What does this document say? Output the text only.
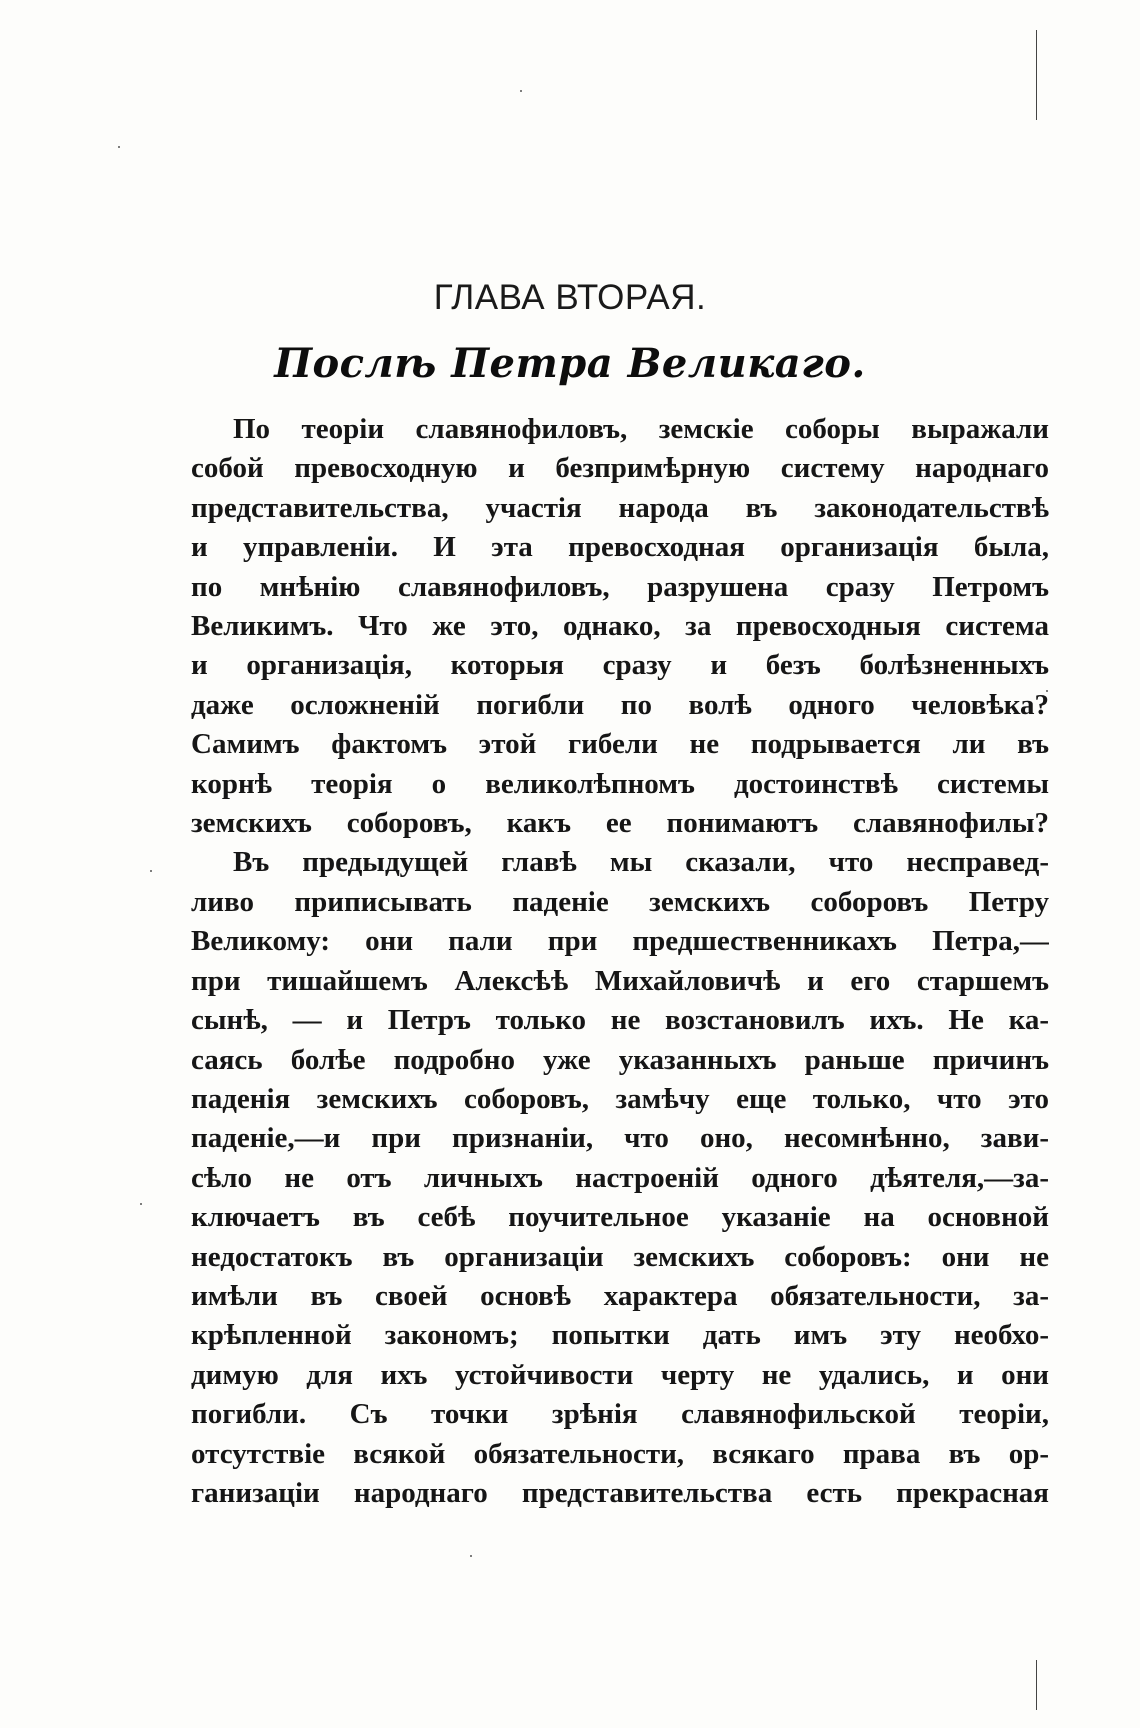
ГЛАВА ВТОРАЯ.
Послѣ Петра Великаго.

По теоріи славянофиловъ, земскіе соборы выражали
собой превосходную и безпримѣрную систему народнаго
представительства, участія народа въ законодательствѣ
и управленіи. И эта превосходная организація была,
по мнѣнію славянофиловъ, разрушена сразу Петромъ
Великимъ. Что же это, однако, за превосходныя система
и организація, которыя сразу и безъ болѣзненныхъ
даже осложненій погибли по волѣ одного человѣка?
Самимъ фактомъ этой гибели не подрывается ли въ
корнѣ теорія о великолѣпномъ достоинствѣ системы
земскихъ соборовъ, какъ ее понимаютъ славянофилы?

Въ предыдущей главѣ мы сказали, что несправед-
ливо приписывать паденіе земскихъ соборовъ Петру
Великому: они пали при предшественникахъ Петра,—
при тишайшемъ Алексѣѣ Михайловичѣ и его старшемъ
сынѣ, — и Петръ только не возстановилъ ихъ. Не ка-
саясь болѣе подробно уже указанныхъ раньше причинъ
паденія земскихъ соборовъ, замѣчу еще только, что это
паденіе,—и при признаніи, что оно, несомнѣнно, зави-
сѣло не отъ личныхъ настроеній одного дѣятеля,—за-
ключаетъ въ себѣ поучительное указаніе на основной
недостатокъ въ организаціи земскихъ соборовъ: они не
имѣли въ своей основѣ характера обязательности, за-
крѣпленной закономъ; попытки дать имъ эту необхо-
димую для ихъ устойчивости черту не удались, и они
погибли. Съ точки зрѣнія славянофильской теоріи,
отсутствіе всякой обязательности, всякаго права въ ор-
ганизаціи народнаго представительства есть прекрасная
